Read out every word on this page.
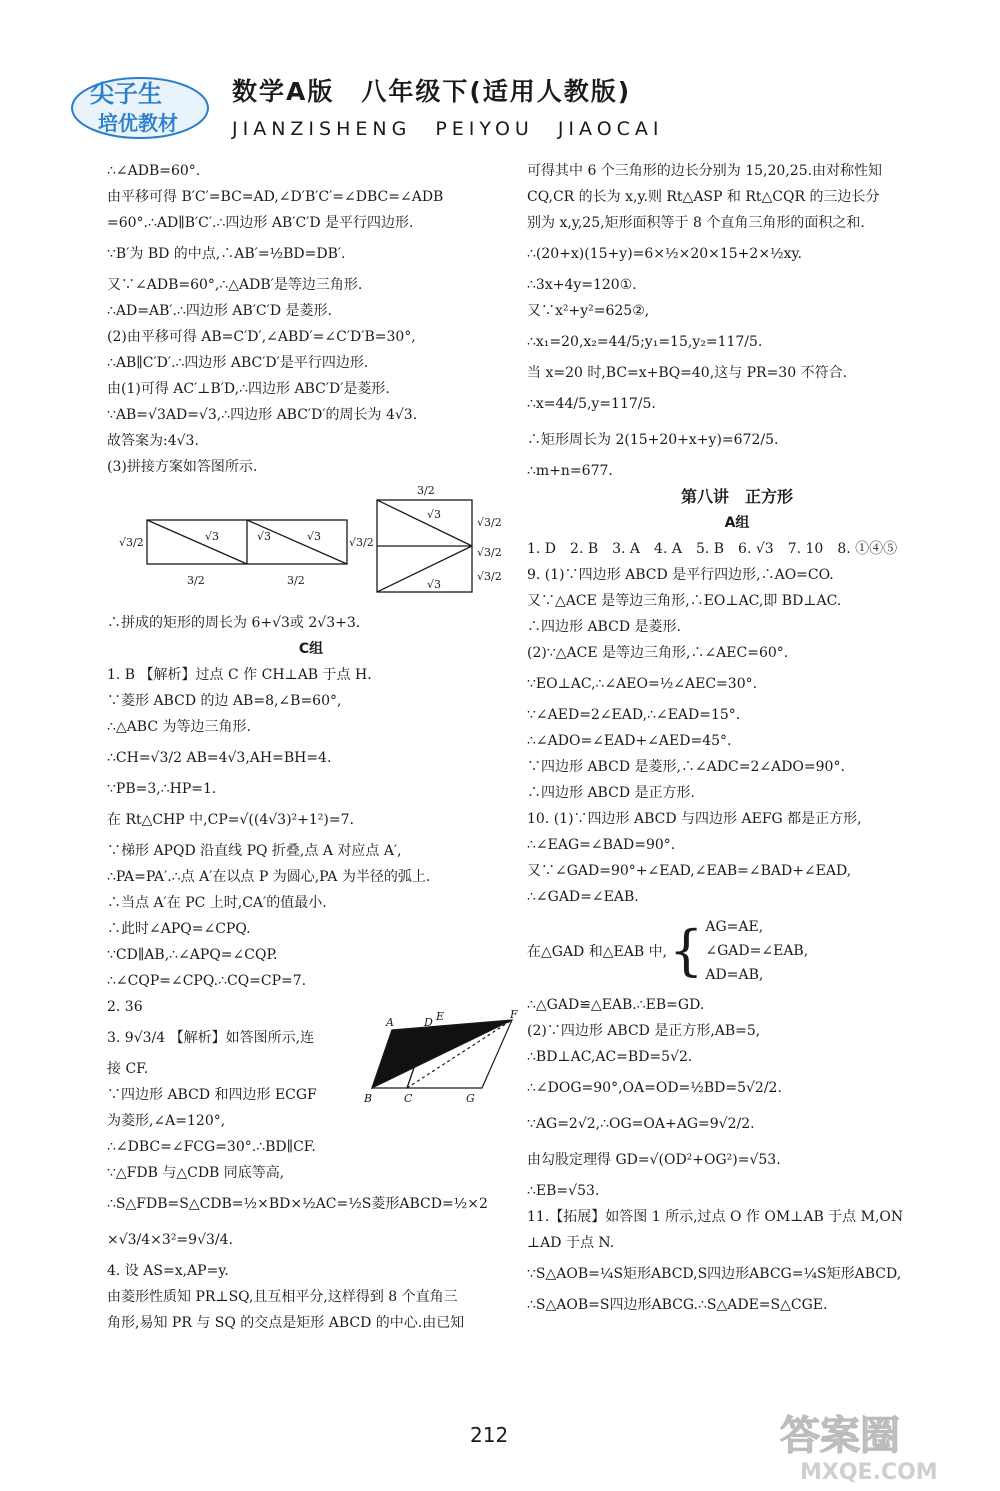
尖子生
培优教材
数学A版　八年级下(适用人教版)
JIANZISHENG　PEIYOU　JIAOCAI
∴∠ADB=60°.
由平移可得 B′C′=BC=AD,∠D′B′C′=∠DBC=∠ADB
=60°.∴AD∥B′C′.∴四边形 AB′C′D 是平行四边形.
∵B′为 BD 的中点,∴AB′=½BD=DB′.
又∵∠ADB=60°,∴△ADB′是等边三角形.
∴AD=AB′.∴四边形 AB′C′D 是菱形.
(2)由平移可得 AB=C′D′,∠ABD′=∠C′D′B=30°,
∴AB∥C′D′.∴四边形 ABC′D′是平行四边形.
由(1)可得 AC′⊥B′D,∴四边形 ABC′D′是菱形.
∵AB=√3AD=√3,∴四边形 ABC′D′的周长为 4√3.
故答案为:4√3.
(3)拼接方案如答图所示.
√3	√3	√3
√3/2	√3/2
3/2	3/2
3/2
√3
√3
√3/2
√3/2
√3/2
∴拼成的矩形的周长为 6+√3或 2√3+3.
C组
1. B 【解析】过点 C 作 CH⊥AB 于点 H.
∵菱形 ABCD 的边 AB=8,∠B=60°,
∴△ABC 为等边三角形.
∴CH=√3/2 AB=4√3,AH=BH=4.
∵PB=3,∴HP=1.
在 Rt△CHP 中,CP=√((4√3)²+1²)=7.
∵梯形 APQD 沿直线 PQ 折叠,点 A 对应点 A′,
∴PA=PA′.∴点 A′在以点 P 为圆心,PA 为半径的弧上.
∴当点 A′在 PC 上时,CA′的值最小.
∴此时∠APQ=∠CPQ.
∵CD∥AB,∴∠APQ=∠CQP.
∴∠CQP=∠CPQ.∴CQ=CP=7.
2. 36
3. 9√3/4 【解析】如答图所示,连
接 CF.
∵四边形 ABCD 和四边形 ECGF
为菱形,∠A=120°,
∴∠DBC=∠FCG=30°.∴BD∥CF.
∵△FDB 与△CDB 同底等高,
∴S△FDB=S△CDB=½×BD×½AC=½S菱形ABCD=½×2
×√3/4×3²=9√3/4.
4. 设 AS=x,AP=y.
由菱形性质知 PR⊥SQ,且互相平分,这样得到 8 个直角三
角形,易知 PR 与 SQ 的交点是矩形 ABCD 的中心.由已知
A	D E	F
B	C	G
可得其中 6 个三角形的边长分别为 15,20,25.由对称性知
CQ,CR 的长为 x,y.则 Rt△ASP 和 Rt△CQR 的三边长分
别为 x,y,25,矩形面积等于 8 个直角三角形的面积之和.
∴(20+x)(15+y)=6×½×20×15+2×½xy.
∴3x+4y=120①.
又∵x²+y²=625②,
∴x₁=20,x₂=44/5;y₁=15,y₂=117/5.
当 x=20 时,BC=x+BQ=40,这与 PR=30 不符合.
∴x=44/5,y=117/5.
∴矩形周长为 2(15+20+x+y)=672/5.
∴m+n=677.
第八讲　正方形
A组
1. D　2. B　3. A　4. A　5. B　6. √3　7. 10　8. ①④⑤
9. (1)∵四边形 ABCD 是平行四边形,∴AO=CO.
又∵△ACE 是等边三角形,∴EO⊥AC,即 BD⊥AC.
∴四边形 ABCD 是菱形.
(2)∵△ACE 是等边三角形,∴∠AEC=60°.
∵EO⊥AC,∴∠AEO=½∠AEC=30°.
∵∠AED=2∠EAD,∴∠EAD=15°.
∴∠ADO=∠EAD+∠AED=45°.
∵四边形 ABCD 是菱形,∴∠ADC=2∠ADO=90°.
∴四边形 ABCD 是正方形.
10. (1)∵四边形 ABCD 与四边形 AEFG 都是正方形,
∴∠EAG=∠BAD=90°.
又∵∠GAD=90°+∠EAD,∠EAB=∠BAD+∠EAD,
∴∠GAD=∠EAB.
在△GAD 和△EAB 中, { AG=AE,
∠GAD=∠EAB,
AD=AB,
∴△GAD≌△EAB.∴EB=GD.
(2)∵四边形 ABCD 是正方形,AB=5,
∴BD⊥AC,AC=BD=5√2.
∴∠DOG=90°,OA=OD=½BD=5√2/2.
∵AG=2√2,∴OG=OA+AG=9√2/2.
由勾股定理得 GD=√(OD²+OG²)=√53.
∴EB=√53.
11.【拓展】如答图 1 所示,过点 O 作 OM⊥AB 于点 M,ON
⊥AD 于点 N.
∵S△AOB=¼S矩形ABCD,S四边形ABCG=¼S矩形ABCD,
∴S△AOB=S四边形ABCG.∴S△ADE=S△CGE.
212	答案圈
MXQE.COM
